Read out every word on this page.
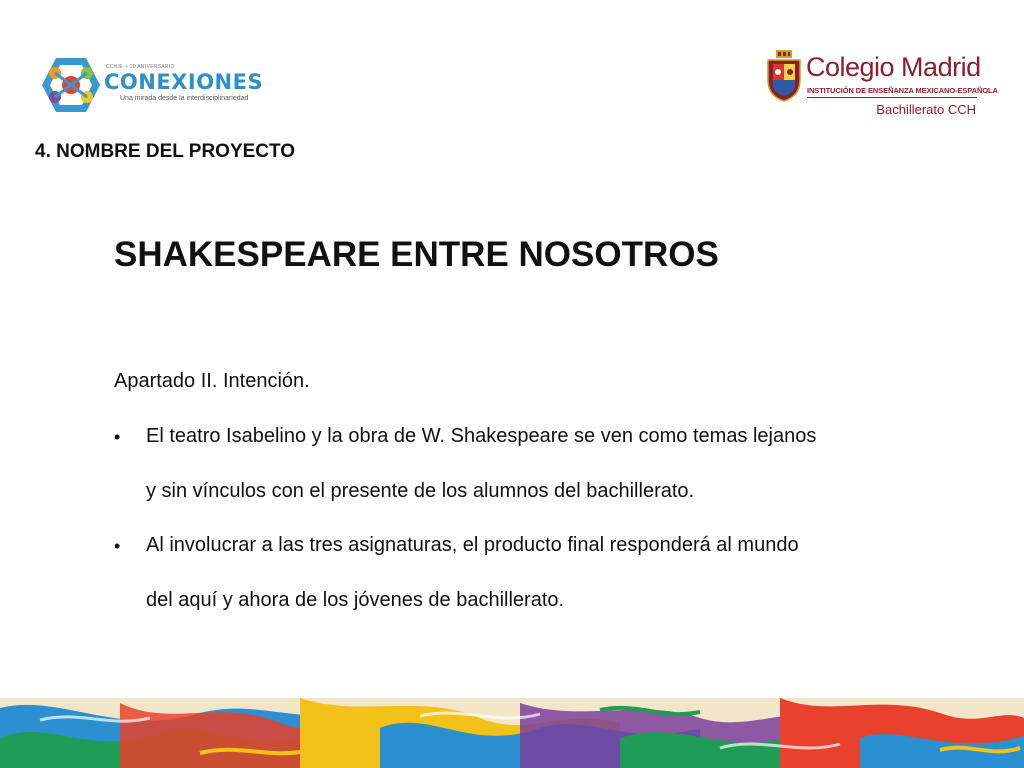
CCH/E + 10 ANIVERSARIO
CONEXIONES
Una mirada desde la interdisciplinariedad
Colegio Madrid
INSTITUCIÓN DE ENSEÑANZA MEXICANO-ESPAÑOLA
Bachillerato CCH
4. NOMBRE DEL PROYECTO
SHAKESPEARE ENTRE NOSOTROS
Apartado II. Intención.
• El teatro Isabelino y la obra de W. Shakespeare se ven como temas lejanos
y sin vínculos con el presente de los alumnos del bachillerato.
• Al involucrar a las tres asignaturas, el producto final responderá al mundo
del aquí y ahora de los jóvenes de bachillerato.
